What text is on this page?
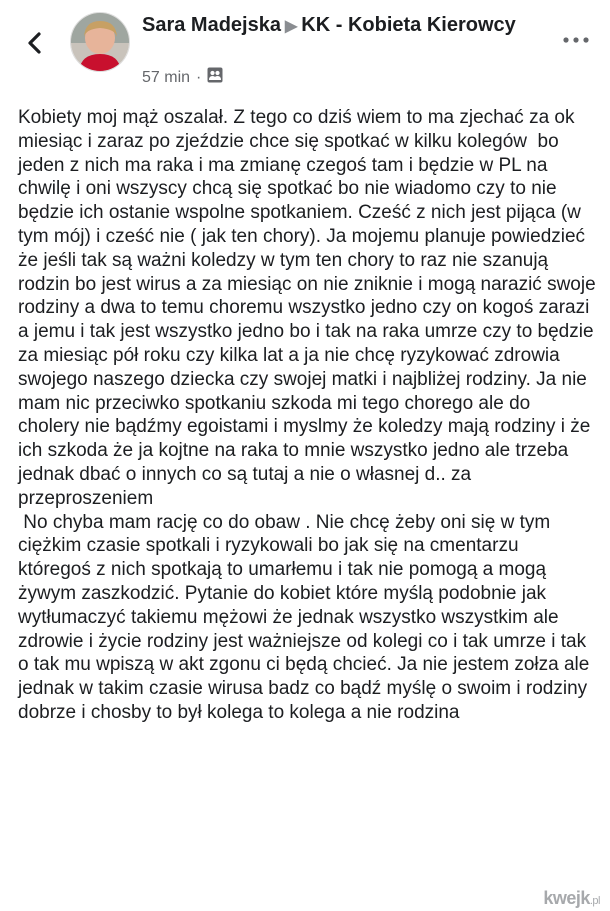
Sara Madejska ▶ KK - Kobieta Kierowcy
57 min ·
Kobiety moj mąż oszalał. Z tego co dziś wiem to ma zjechać za ok miesiąc i zaraz po zjeździe chce się spotkać w kilku kolegów  bo jeden z nich ma raka i ma zmianę czegoś tam i będzie w PL na chwilę i oni wszyscy chcą się spotkać bo nie wiadomo czy to nie będzie ich ostanie wspolne spotkaniem. Cześć z nich jest pijąca (w tym mój) i cześć nie ( jak ten chory). Ja mojemu planuje powiedzieć że jeśli tak są ważni koledzy w tym ten chory to raz nie szanują rodzin bo jest wirus a za miesiąc on nie zniknie i mogą narazić swoje rodziny a dwa to temu choremu wszystko jedno czy on kogoś zarazi a jemu i tak jest wszystko jedno bo i tak na raka umrze czy to będzie za miesiąc pół roku czy kilka lat a ja nie chcę ryzykować zdrowia swojego naszego dziecka czy swojej matki i najbliżej rodziny. Ja nie mam nic przeciwko spotkaniu szkoda mi tego chorego ale do cholery nie bądźmy egoistami i myslmy że koledzy mają rodziny i że ich szkoda że ja kojtne na raka to mnie wszystko jedno ale trzeba jednak dbać o innych co są tutaj a nie o własnej d.. za przeproszeniem
No chyba mam rację co do obaw . Nie chcę żeby oni się w tym ciężkim czasie spotkali i ryzykowali bo jak się na cmentarzu któregoś z nich spotkają to umarłemu i tak nie pomogą a mogą żywym zaszkodzić. Pytanie do kobiet które myślą podobnie jak wytłumaczyć takiemu mężowi że jednak wszystko wszystkim ale zdrowie i życie rodziny jest ważniejsze od kolegi co i tak umrze i tak o tak mu wpiszą w akt zgonu ci będą chcieć. Ja nie jestem zołza ale jednak w takim czasie wirusa badz co bądź myślę o swoim i rodziny dobrze i chosby to był kolega to kolega a nie rodzina
kwejk.pl
